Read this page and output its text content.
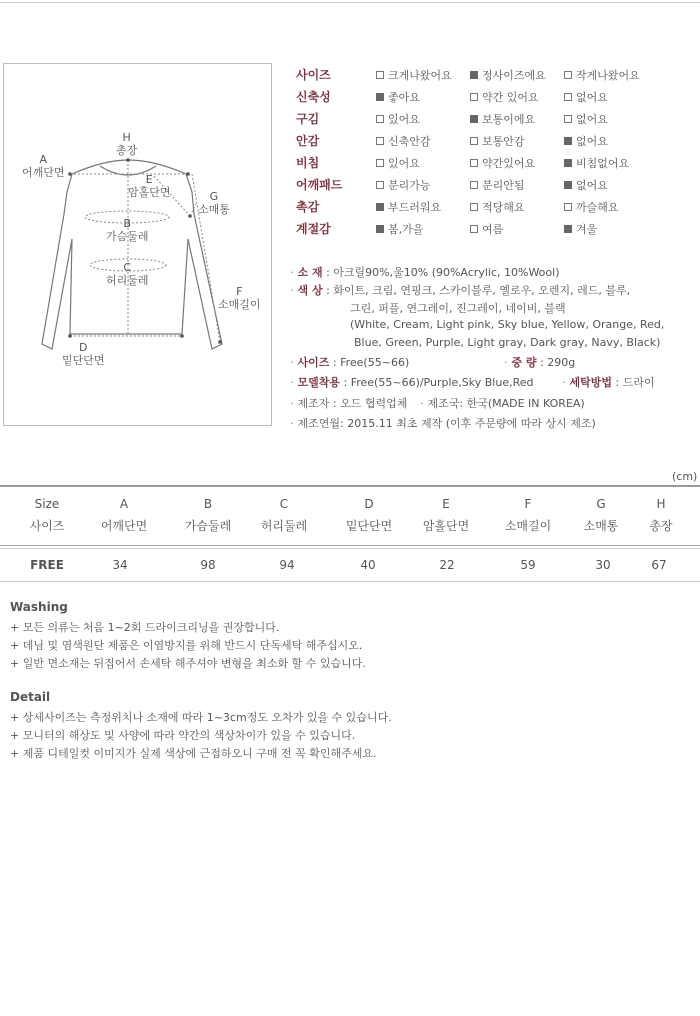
H
총장
A
어깨단면
E
암홀단면	G
소매통
B
가슴둘레
C
허리둘레
F
소매길이
D
밑단단면
사이즈	크게나왔어요	정사이즈에요	작게나왔어요
신축성	좋아요	약간 있어요	없어요
구김	있어요	보통이에요	없어요
안감	신축안감	보통안감	없어요
비침	있어요	약간있어요	비침없어요
어깨패드	분리가능	분리안됨	없어요
촉감	부드러워요	적당해요	까슬해요
계절감	봄,가을	여름	겨울
· 소 재 : 아크릴90%,울10% (90%Acrylic, 10%Wool)
· 색 상 : 화이트, 크림, 연핑크, 스카이블루, 옐로우, 오렌지, 레드, 블루,
그린, 퍼플, 연그레이, 진그레이, 네이비, 블랙
(White, Cream, Light pink, Sky blue, Yellow, Orange, Red,
Blue, Green, Purple, Light gray, Dark gray, Navy, Black)
· 사이즈 : Free(55~66)	· 중 량 : 290g
· 모델착용 : Free(55~66)/Purple,Sky Blue,Red	· 세탁방법 : 드라이
· 제조자 : 오드 협력업체 · 제조국: 한국(MADE IN KOREA)
· 제조연월: 2015.11 최초 제작 (이후 주문량에 따라 상시 제조)
(cm)
Size	A	B	C	D	E	F	G	H
사이즈	어깨단면	가슴둘레	허리둘레	밑단단면	암홀단면	소매길이	소매통	총장
FREE	34	98	94	40	22	59	30	67
Washing
+ 모든 의류는 처음 1~2회 드라이크리닝을 권장합니다.
+ 데님 및 염색원단 제품은 이염방지를 위해 반드시 단독세탁 해주십시오.
+ 일반 면소재는 뒤집어서 손세탁 해주셔야 변형을 최소화 할 수 있습니다.
Detail
+ 상세사이즈는 측정위치나 소재에 따라 1~3cm정도 오차가 있을 수 있습니다.
+ 모니터의 해상도 및 사양에 따라 약간의 색상차이가 있을 수 있습니다.
+ 제품 디테일컷 이미지가 실제 색상에 근접하오니 구매 전 꼭 확인해주세요.
